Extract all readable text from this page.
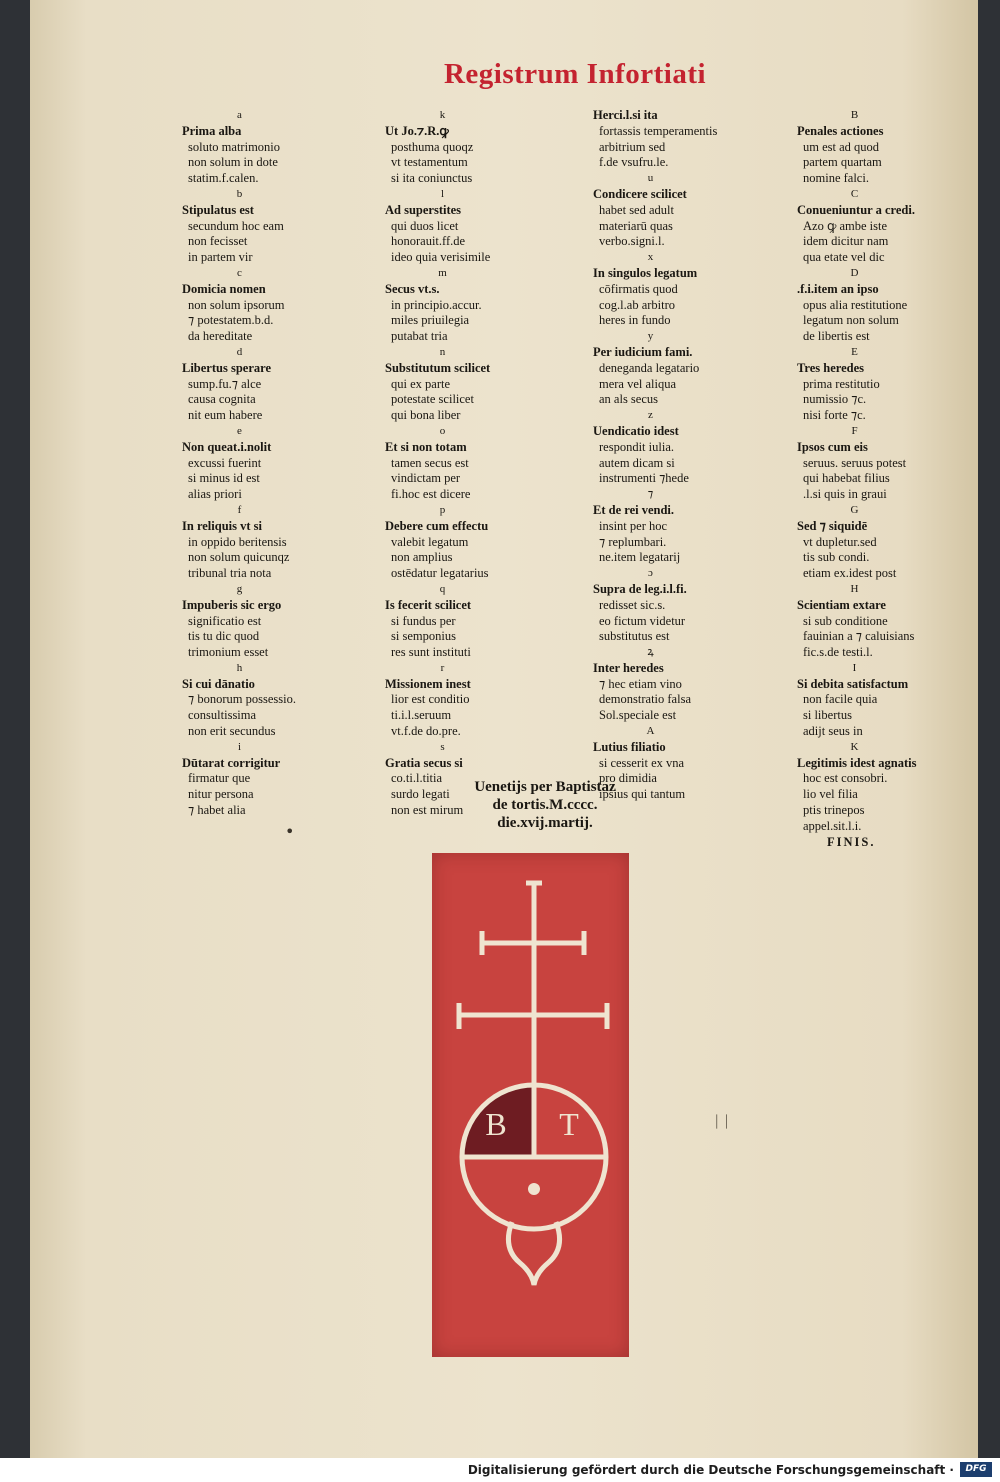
Registrum Infortiati
a
Prima alba
soluto matrimonio
non solum in dote
statim.f.calen.
b
Stipulatus est
secundum hoc eam
non fecisset
in partem vir
c
Domicia nomen
non solum ipsorum
⁊ potestatem.b.d.
da hereditate
d
Libertus sperare
sump.fu.⁊ alce
causa cognita
nit eum habere
e
Non queat.i.nolit
excussi fuerint
si minus id est
alias priori
f
In reliquis vt si
in oppido beritensis
non solum quicunqz
tribunal tria nota
g
Impuberis sic ergo
significatio est
tis tu dic quod
trimonium esset
h
Si cui dānatio
⁊ bonorum possessio.
consultissima
non erit secundus
i
Dūtarat corrigitur
firmatur que
nitur persona
⁊ habet alia
k
Ut Jo.⁊.R.ꝙ
posthuma quoqz
vt testamentum
si ita coniunctus
l
Ad superstites
qui duos licet
honorauit.ff.de
ideo quia verisimile
m
Secus vt.s.
in principio.accur.
miles priuilegia
putabat tria
n
Substitutum scilicet
qui ex parte
potestate scilicet
qui bona liber
o
Et si non totam
tamen secus est
vindictam per
fi.hoc est dicere
p
Debere cum effectu
valebit legatum
non amplius
ostēdatur legatarius
q
Is fecerit scilicet
si fundus per
si semponius
res sunt instituti
r
Missionem inest
lior est conditio
ti.i.l.seruum
vt.f.de do.pre.
s
Gratia secus si
co.ti.l.titia
surdo legati
non est mirum
Herci.l.si ita
fortassis temperamentis
arbitrium sed
f.de vsufru.le.
u
Condicere scilicet
habet sed adult
materiarū quas
verbo.signi.l.
x
In singulos legatum
cōfirmatis quod
cog.l.ab arbitro
heres in fundo
y
Per iudicium fami.
deneganda legatario
mera vel aliqua
an als secus
z
Uendicatio idest
respondit iulia.
autem dicam si
instrumenti ⁊hede
⁊
Et de rei vendi.
insint per hoc
⁊ replumbari.
ne.item legatarij
ɔ
Supra de leg.i.l.fi.
redisset sic.s.
eo fictum videtur
substitutus est
ꝝ
Inter heredes
⁊ hec etiam vino
demonstratio falsa
Sol.speciale est
A
Lutius filiatio
si cesserit ex vna
pro dimidia
ipsius qui tantum
B
Penales actiones
um est ad quod
partem quartam
nomine falci.
C
Conueniuntur a credi.
Azo ꝙ ambe iste
idem dicitur nam
qua etate vel dic
D
.f.i.item an ipso
opus alia restitutione
legatum non solum
de libertis est
E
Tres heredes
prima restitutio
numissio ⁊c.
nisi forte ⁊c.
F
Ipsos cum eis
seruus. seruus potest
qui habebat filius
.l.si quis in graui
G
Sed ⁊ siquidē
vt dupletur.sed
tis sub condi.
etiam ex.idest post
H
Scientiam extare
si sub conditione
fauinian a ⁊ caluisians
fic.s.de testi.l.
I
Si debita satisfactum
non facile quia
si libertus
adijt seus in
K
Legitimis idest agnatis
hoc est consobri.
lio vel filia
ptis trinepos
appel.sit.l.i.
FINIS.
Uenetijs per Baptistaz
de tortis.M.cccc.
die.xvij.martij.
B	T
•
ᛁᛁ
Digitalisierung gefördert durch die Deutsche Forschungsgemeinschaft ·	DFG
